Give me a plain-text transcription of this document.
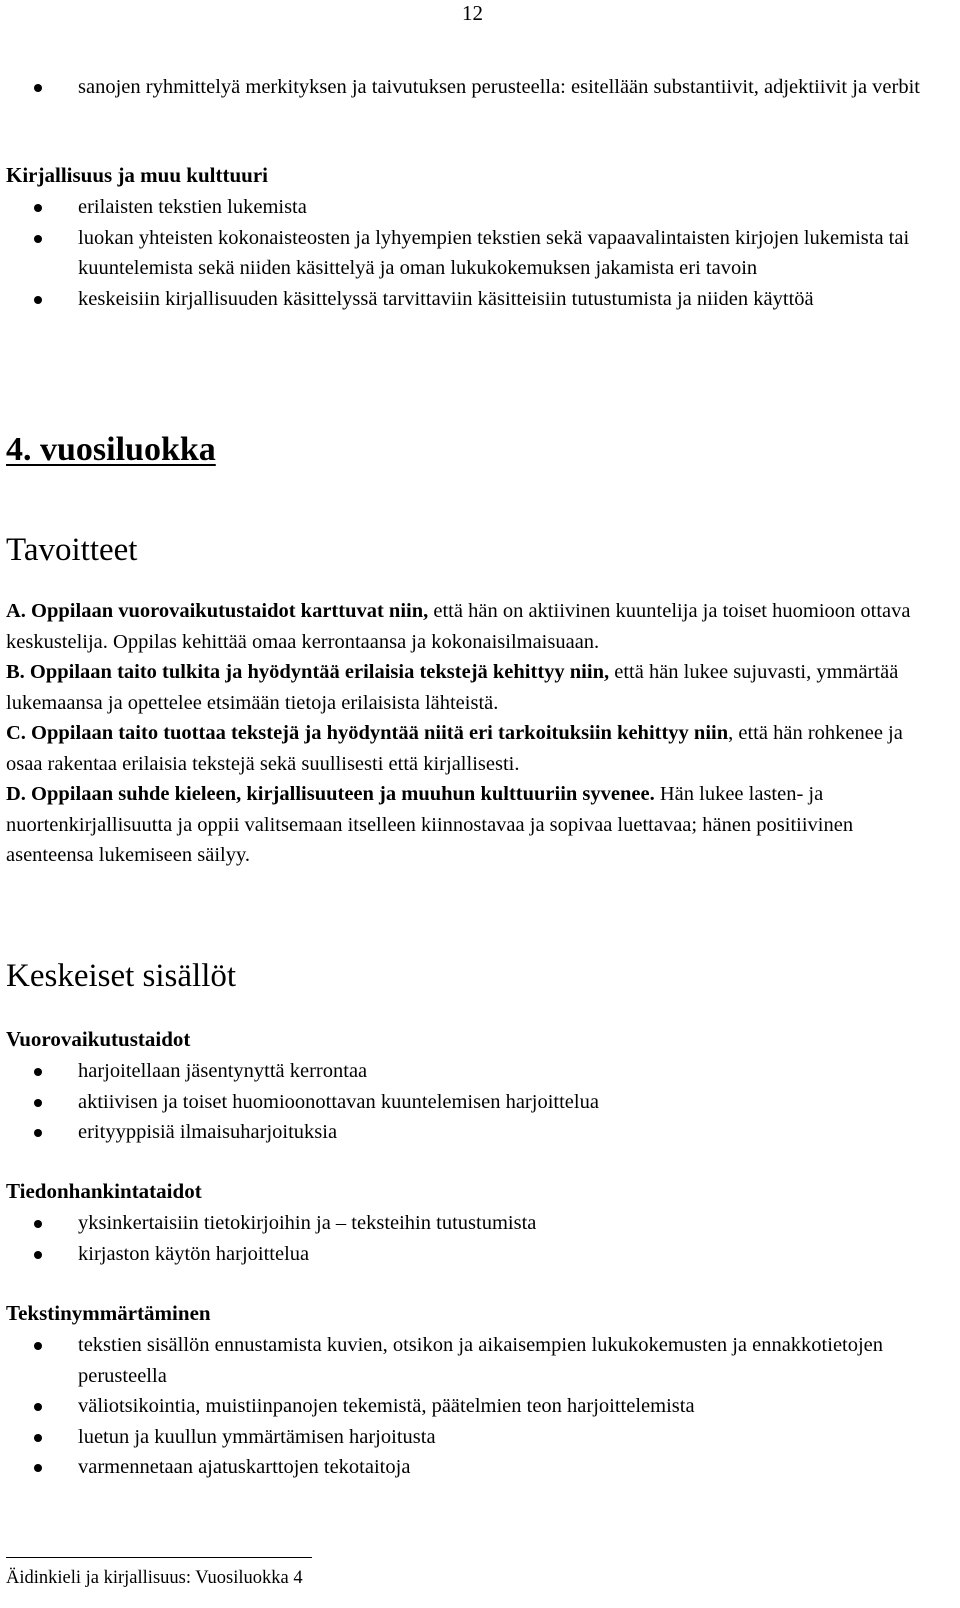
12
sanojen ryhmittelyä merkityksen ja taivutuksen perusteella: esitellään substantiivit, adjektiivit ja verbit
Kirjallisuus ja muu kulttuuri
erilaisten tekstien lukemista
luokan yhteisten kokonaisteosten ja lyhyempien tekstien sekä vapaavalintaisten kirjojen lukemista tai kuuntelemista sekä niiden käsittelyä ja oman lukukokemuksen jakamista eri tavoin
keskeisiin kirjallisuuden käsittelyssä tarvittaviin käsitteisiin tutustumista ja niiden käyttöä
4. vuosiluokka
Tavoitteet

A. Oppilaan vuorovaikutustaidot karttuvat niin, että hän on aktiivinen kuuntelija ja toiset huomioon ottava keskustelija. Oppilas kehittää omaa kerrontaansa ja kokonaisilmaisuaan.

B. Oppilaan taito tulkita ja hyödyntää erilaisia tekstejä kehittyy niin, että hän lukee sujuvasti, ymmärtää lukemaansa ja opettelee etsimään tietoja erilaisista lähteistä.

C. Oppilaan taito tuottaa tekstejä ja hyödyntää niitä eri tarkoituksiin kehittyy niin, että hän rohkenee ja osaa rakentaa erilaisia tekstejä sekä suullisesti että kirjallisesti.

D. Oppilaan suhde kieleen, kirjallisuuteen ja muuhun kulttuuriin syvenee. Hän lukee lasten- ja nuortenkirjallisuutta ja oppii valitsemaan itselleen kiinnostavaa ja sopivaa luettavaa; hänen positiivinen asenteensa lukemiseen säilyy.

Keskeiset sisällöt
Vuorovaikutustaidot
harjoitellaan jäsentynyttä kerrontaa
aktiivisen ja toiset huomioonottavan kuuntelemisen harjoittelua
erityyppisiä ilmaisuharjoituksia
Tiedonhankintataidot
yksinkertaisiin tietokirjoihin ja – teksteihin tutustumista
kirjaston käytön harjoittelua
Tekstinymmärtäminen
tekstien sisällön ennustamista kuvien, otsikon ja aikaisempien lukukokemusten ja ennakkotietojen perusteella
väliotsikointia, muistiinpanojen tekemistä, päätelmien teon harjoittelemista
luetun ja kuullun ymmärtämisen harjoitusta
varmennetaan ajatuskarttojen tekotaitoja
Äidinkieli ja kirjallisuus: Vuosiluokka 4
